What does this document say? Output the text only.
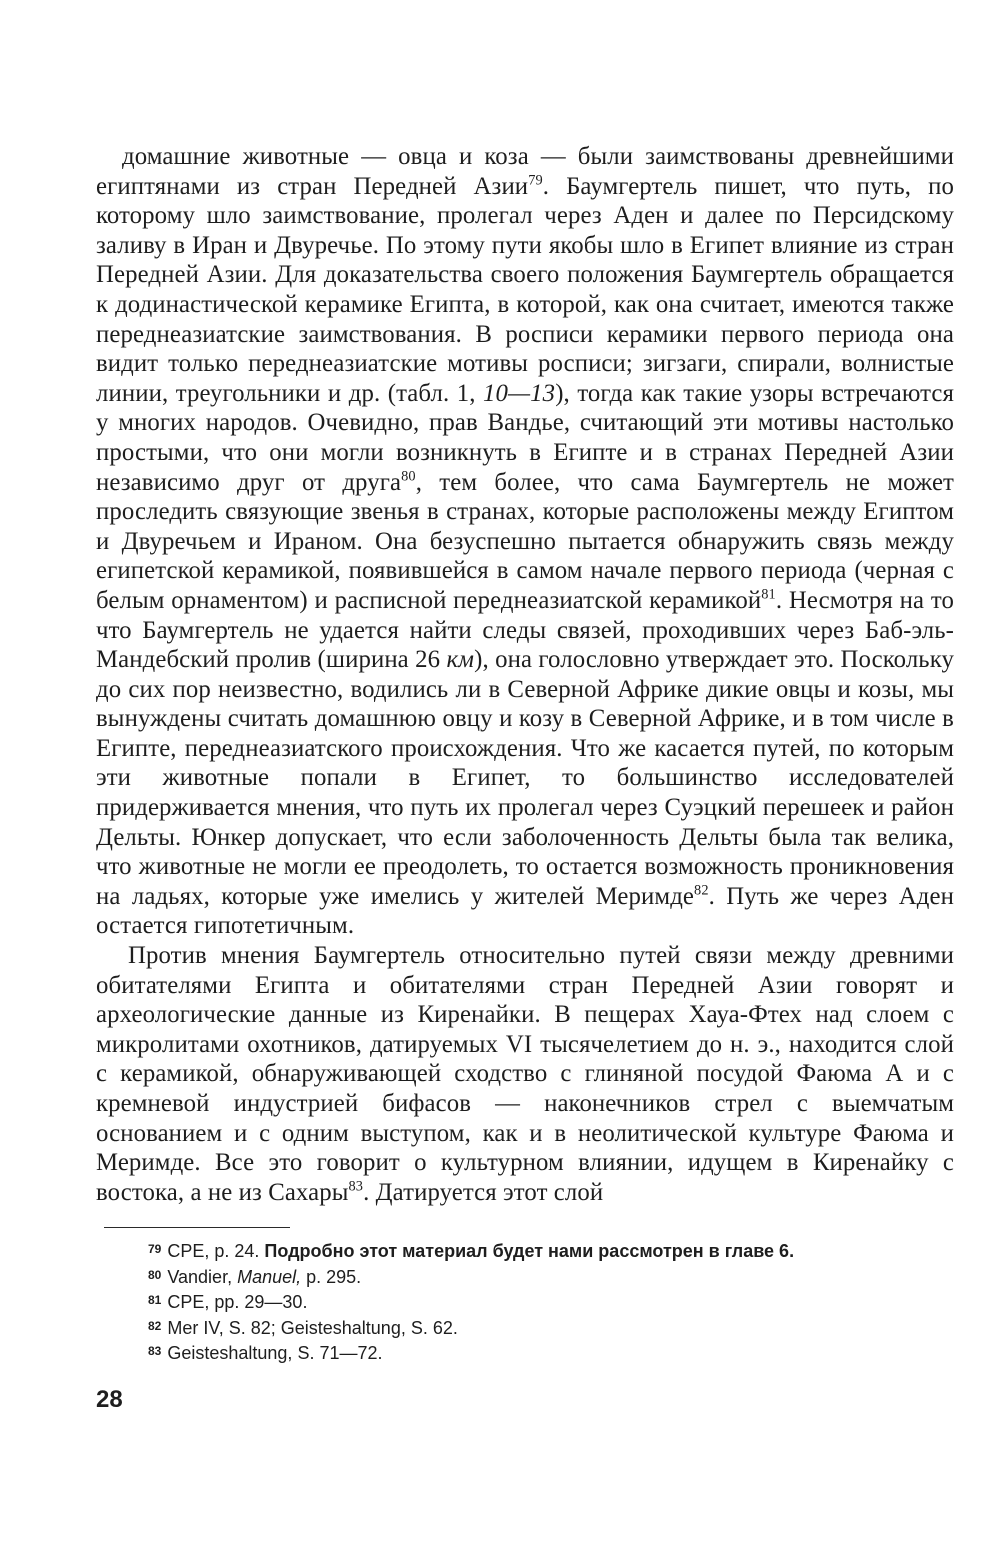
домашние животные — овца и коза — были заимствованы древнейшими египтянами из стран Передней Азии$^{79}$. Баумгертель пишет, что путь, по которому шло заимствование, пролегал через Аден и далее по Персидскому заливу в Иран и Двуречье. По этому пути якобы шло в Египет влияние из стран Передней Азии. Для доказательства своего положения Баумгертель обращается к додинастической керамике Египта, в которой, как она считает, имеются также переднеазиатские заимствования. В росписи керамики первого периода она видит только переднеазиатские мотивы росписи; зигзаги, спирали, волнистые линии, треугольники и др. (табл. 1, 10—13), тогда как такие узоры встречаются у многих народов. Очевидно, прав Вандье, считающий эти мотивы настолько простыми, что они могли возникнуть в Египте и в странах Передней Азии независимо друг от друга$^{80}$, тем более, что сама Баумгертель не может проследить связующие звенья в странах, которые расположены между Египтом и Двуречьем и Ираном. Она безуспешно пытается обнаружить связь между египетской керамикой, появившейся в самом начале первого периода (черная с белым орнаментом) и расписной переднеазиатской керамикой$^{81}$. Несмотря на то что Баумгертель не удается найти следы связей, проходивших через Баб-эль-Мандебский пролив (ширина 26 км), она голословно утверждает это. Поскольку до сих пор неизвестно, водились ли в Северной Африке дикие овцы и козы, мы вынуждены считать домашнюю овцу и козу в Северной Африке, и в том числе в Египте, переднеазиатского происхождения. Что же касается путей, по которым эти животные попали в Египет, то большинство исследователей придерживается мнения, что путь их пролегал через Суэцкий перешеек и район Дельты. Юнкер допускает, что если заболоченность Дельты была так велика, что животные не могли ее преодолеть, то остается возможность проникновения на ладьях, которые уже имелись у жителей Меримде$^{82}$. Путь же через Аден остается гипотетичным.

Против мнения Баумгертель относительно путей связи между древними обитателями Египта и обитателями стран Передней Азии говорят и археологические данные из Киренайки. В пещерах Хауа-Фтех над слоем с микролитами охотников, датируемых VI тысячелетием до н. э., находится слой с керамикой, обнаруживающей сходство с глиняной посудой Фаюма А и с кремневой индустрией бифасов — наконечников стрел с выемчатым основанием и с одним выступом, как и в неолитической культуре Фаюма и Меримде. Все это говорит о культурном влиянии, идущем в Киренайку с востока, а не из Сахары$^{83}$. Датируется этот слой

$^{79}$ CPE, p. 24. Подробно этот материал будет нами рассмотрен в главе 6.

$^{80}$ Vandier, Manuel, p. 295.

$^{81}$ CPE, pp. 29—30.

$^{82}$ Mer IV, S. 82; Geisteshaltung, S. 62.

$^{83}$ Geisteshaltung, S. 71—72.

28
